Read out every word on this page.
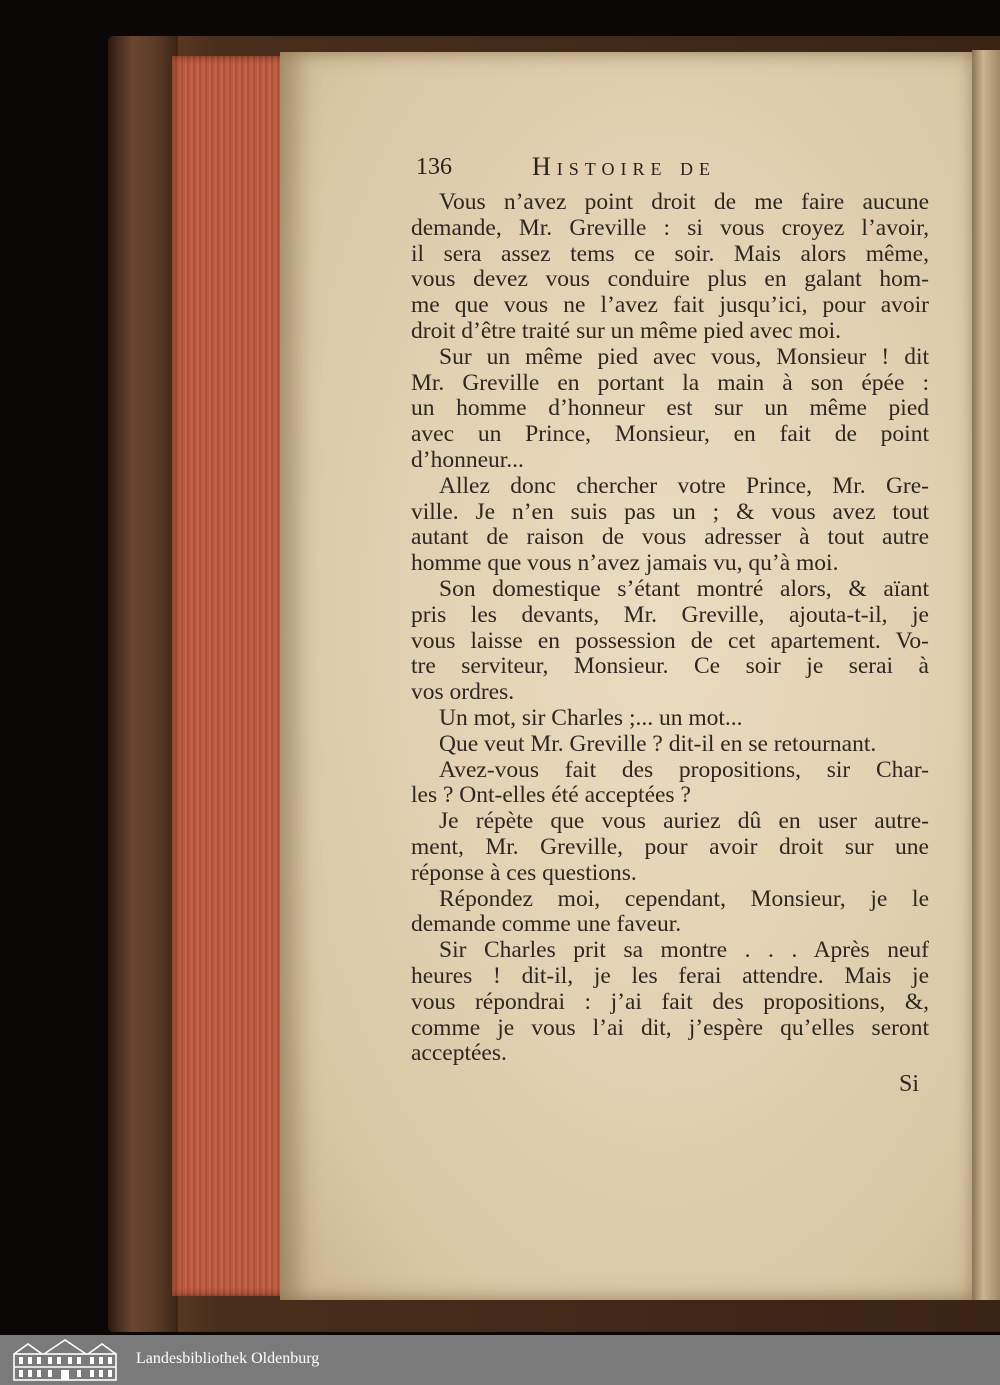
136	Histoire de
Vous n’avez point droit de me faire aucune
demande, Mr. Greville : si vous croyez l’avoir,
il sera assez tems ce soir. Mais alors même,
vous devez vous conduire plus en galant hom-
me que vous ne l’avez fait jusqu’ici, pour avoir
droit d’être traité sur un même pied avec moi.
Sur un même pied avec vous, Monsieur ! dit
Mr. Greville en portant la main à son épée :
un homme d’honneur est sur un même pied
avec un Prince, Monsieur, en fait de point
d’honneur...
Allez donc chercher votre Prince, Mr. Gre-
ville. Je n’en suis pas un ; & vous avez tout
autant de raison de vous adresser à tout autre
homme que vous n’avez jamais vu, qu’à moi.
Son domestique s’étant montré alors, & aïant
pris les devants, Mr. Greville, ajouta-t-il, je
vous laisse en possession de cet apartement. Vo-
tre serviteur, Monsieur. Ce soir je serai à
vos ordres.
Un mot, sir Charles ;... un mot...
Que veut Mr. Greville ? dit-il en se retournant.
Avez-vous fait des propositions, sir Char-
les ? Ont-elles été acceptées ?
Je répète que vous auriez dû en user autre-
ment, Mr. Greville, pour avoir droit sur une
réponse à ces questions.
Répondez moi, cependant, Monsieur, je le
demande comme une faveur.
Sir Charles prit sa montre . . . Après neuf
heures ! dit-il, je les ferai attendre. Mais je
vous répondrai : j’ai fait des propositions, &,
comme je vous l’ai dit, j’espère qu’elles seront
acceptées.
Si
Landesbibliothek Oldenburg
